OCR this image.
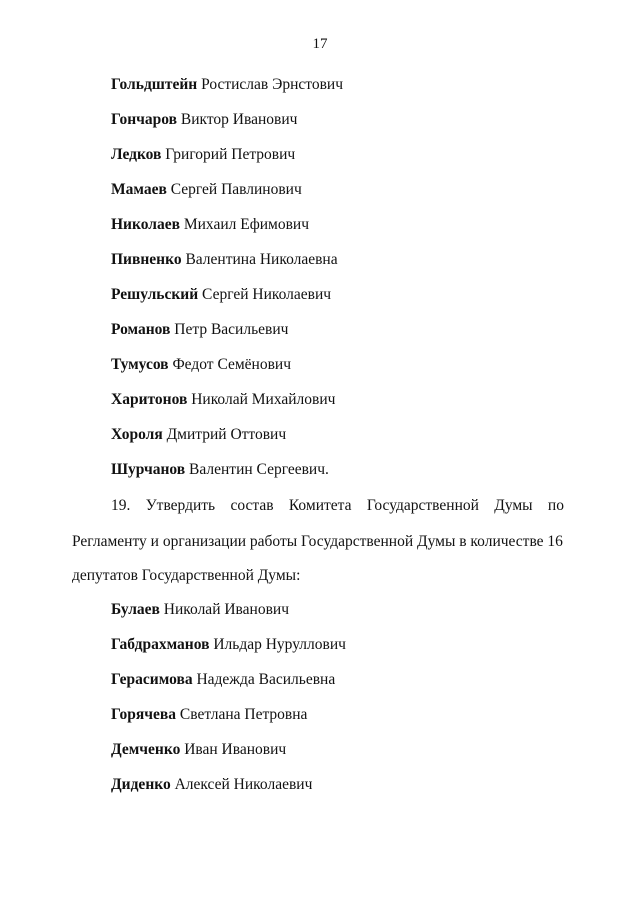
17
Гольдштейн Ростислав Эрнстович
Гончаров Виктор Иванович
Ледков Григорий Петрович
Мамаев Сергей Павлинович
Николаев Михаил Ефимович
Пивненко Валентина Николаевна
Решульский Сергей Николаевич
Романов Петр Васильевич
Тумусов Федот Семёнович
Харитонов Николай Михайлович
Хороля Дмитрий Оттович
Шурчанов Валентин Сергеевич.
19. Утвердить состав Комитета Государственной Думы по
Регламенту и организации работы Государственной Думы в количестве 16
депутатов Государственной Думы:
Булаев Николай Иванович
Габдрахманов Ильдар Нуруллович
Герасимова Надежда Васильевна
Горячева Светлана Петровна
Демченко Иван Иванович
Диденко Алексей Николаевич
